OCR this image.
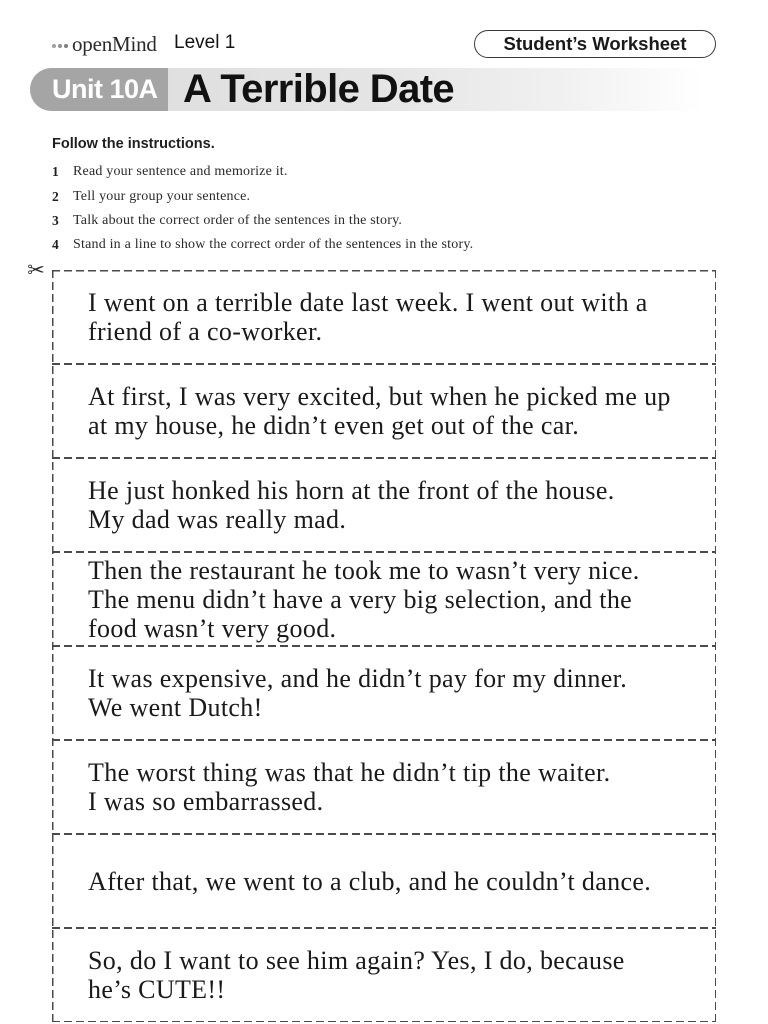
openMind Level 1	Student’s Worksheet
Unit 10A A Terrible Date
Follow the instructions.
1	Read your sentence and memorize it.
2	Tell your group your sentence.
3	Talk about the correct order of the sentences in the story.
4	Stand in a line to show the correct order of the sentences in the story.
✂
I went on a terrible date last week. I went out with a
friend of a co-worker.
At first, I was very excited, but when he picked me up
at my house, he didn’t even get out of the car.
He just honked his horn at the front of the house.
My dad was really mad.
Then the restaurant he took me to wasn’t very nice.
The menu didn’t have a very big selection, and the
food wasn’t very good.
It was expensive, and he didn’t pay for my dinner.
We went Dutch!
The worst thing was that he didn’t tip the waiter.
I was so embarrassed.
After that, we went to a club, and he couldn’t dance.
So, do I want to see him again? Yes, I do, because
he’s CUTE!!
